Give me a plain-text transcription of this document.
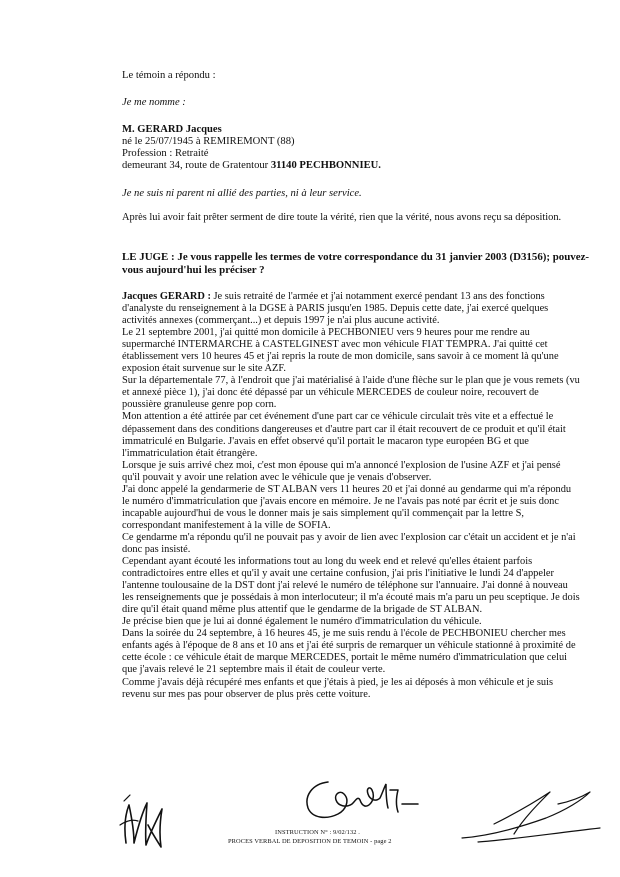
Le témoin a répondu :
Je me nomme :
M. GERARD Jacques
né le 25/07/1945 à REMIREMONT (88)
Profession : Retraité
demeurant 34, route de Gratentour 31140 PECHBONNIEU.
Je ne suis ni parent ni allié des parties, ni à leur service.
Après lui avoir fait prêter serment de dire toute la vérité, rien que la vérité, nous avons reçu sa déposition.
LE JUGE : Je vous rappelle les termes de votre correspondance du 31 janvier 2003 (D3156); pouvez-vous aujourd'hui les préciser ?

Jacques GERARD : Je suis retraité de l'armée et j'ai notamment exercé pendant 13 ans des fonctions d'analyste du renseignement à la DGSE à PARIS jusqu'en 1985. Depuis cette date, j'ai exercé quelques activités annexes (commerçant...) et depuis 1997 je n'ai plus aucune activité.

Le 21 septembre 2001, j'ai quitté mon domicile à PECHBONIEU vers 9 heures pour me rendre au supermarché INTERMARCHE à CASTELGINEST avec mon véhicule FIAT TEMPRA. J'ai quitté cet établissement vers 10 heures 45 et j'ai repris la route de mon domicile, sans savoir à ce moment là qu'une exposion était survenue sur le site AZF.

Sur la départementale 77, à l'endroit que j'ai matérialisé à l'aide d'une flèche sur le plan que je vous remets (vu et annexé pièce 1), j'ai donc été dépassé par un véhicule MERCEDES de couleur noire, recouvert de poussière granuleuse genre pop corn.

Mon attention a été attirée par cet événement d'une part car ce véhicule circulait très vite et a effectué le dépassement dans des conditions dangereuses et d'autre part car il était recouvert de ce produit et qu'il était immatriculé en Bulgarie. J'avais en effet observé qu'il portait le macaron type européen BG et que l'immatriculation était étrangère.

Lorsque je suis arrivé chez moi, c'est mon épouse qui m'a annoncé l'explosion de l'usine AZF et j'ai pensé qu'il pouvait y avoir une relation avec le véhicule que je venais d'observer.

J'ai donc appelé la gendarmerie de ST ALBAN vers 11 heures 20 et j'ai donné au gendarme qui m'a répondu le numéro d'immatriculation que j'avais encore en mémoire. Je ne l'avais pas noté par écrit et je suis donc incapable aujourd'hui de vous le donner mais je sais simplement qu'il commençait par la lettre S, correspondant manifestement à la ville de SOFIA.

Ce gendarme m'a répondu qu'il ne pouvait pas y avoir de lien avec l'explosion car c'était un accident et je n'ai donc pas insisté.

Cependant ayant écouté les informations tout au long du week end et relevé qu'elles étaient parfois contradictoires entre elles et qu'il y avait une certaine confusion, j'ai pris l'initiative le lundi 24 d'appeler l'antenne toulousaine de la DST dont j'ai relevé le numéro de téléphone sur l'annuaire. J'ai donné à nouveau les renseignements que je possédais à mon interlocuteur; il m'a écouté mais m'a paru un peu sceptique. Je dois dire qu'il était quand même plus attentif que le gendarme de la brigade de ST ALBAN.

Je précise bien que je lui ai donné également le numéro d'immatriculation du véhicule.

Dans la soirée du 24 septembre, à 16 heures 45, je me suis rendu à l'école de PECHBONIEU chercher mes enfants agés à l'époque de 8 ans et 10 ans et j'ai été surpris de remarquer un véhicule stationné à proximité de cette école : ce véhicule était de marque MERCEDES, portait le même numéro d'immatriculation que celui que j'avais relevé le 21 septembre mais il était de couleur verte.

Comme j'avais déjà récupéré mes enfants et que j'étais à pied, je les ai déposés à mon véhicule et je suis revenu sur mes pas pour observer de plus près cette voiture.

INSTRUCTION N° : 9/02/132 .
PROCES VERBAL DE DEPOSITION DE TEMOIN - page 2
